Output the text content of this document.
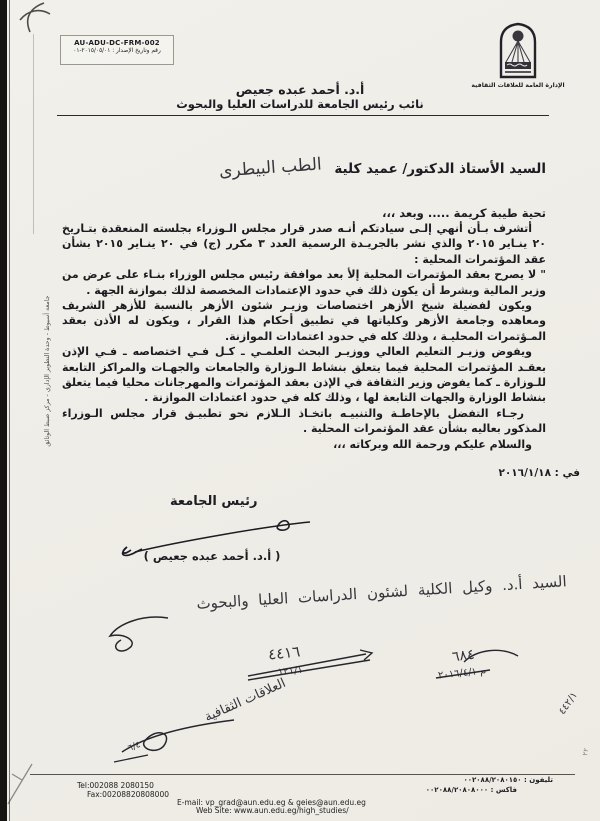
AU-ADU-DC-FRM-002
رقم وتاريخ الإصدار : ٢٠١٥/٠٥/٠١-٠١
الإدارة العامة للعلاقات الثقافية
أ.د. أحمد عبده جعيص
نائب رئيس الجامعة للدراسات العليا والبحوث
السيد الأستاذ الدكتور/ عميد كلية الطب البيطرى
تحية طيبة كريمة ..... وبعد ،،،

أتشرف بـأن أنهي إلـى سيادتكم أنـه صدر قرار مجلس الـوزراء بجلسته المنعقدة بتـاريخ ٢٠ ينـاير ٢٠١٥ والذي نشر بالجريـدة الرسمية العدد ٣ مكرر (ج) في ٢٠ ينـاير ٢٠١٥ بشأن عقد المؤتمرات المحلية :

" لا يصرح بعقد المؤتمرات المحلية إلأ بعد موافقة رئيس مجلس الوزراء بنـاء على عرض من وزير المالية وبشرط أن يكون ذلك في حدود الإعتمادات المخصصة لذلك بموازنة الجهة .

ويكون لفضيلة شيخ الأزهر اختصاصات وزيـر شئون الأزهر بالنسبة للأزهر الشريف ومعاهده وجامعة الأزهر وكلياتها في تطبيق أحكام هذا القرار ، ويكون له الأذن بعقد المـؤتمرات المحليـة ، وذلك كله في حدود اعتمادات الموازنة.

ويفوض وزيـر التعليم العالي ووزيـر البحث العلمـي ـ كـل فـي اختصاصه ـ فـي الإذن بعقـد المؤتمرات المحلية فيما يتعلق بنشاط الـوزارة والجامعات والجهـات والمراكز التابعة للـوزارة ـ كما يفوض وزير الثقافة في الإذن بعقد المؤتمرات والمهرجانات محليا فيما يتعلق بنشاط الوزارة والجهات التابعة لها ، وذلك كله في حدود اعتمادات الموازنة .

رجـاء التفضل بالإحاطـة والتنبيـه باتخـاذ الـلازم نحو تطبيـق قرار مجلس الـوزراء المذكور بعاليه بشأن عقد المؤتمرات المحلية .

والسلام عليكم ورحمة الله وبركاته ،،،

في : ٢٠١٦/١/١٨
رئيس الجامعة
( أ.د. أحمد عبده جعيص )
السيد أ.د. وكيل الكلية لشئون الدراسات العليا والبحوث
٤٤١٦
١٢١/١
٦٨٤
م ٢٠١٦/٤/١
العلاقات الثقافية
٦/٤
٤٤٢/١
٢٢
جامعة أسيوط - وحدة التطوير الإداري - مركز ضبط الوثائق
تليفون : ٠٠٢٠٨٨/٢٠٨٠١٥٠
فاكس : ٠٠٢٠٨٨/٢٠٨٠٨٠٠٠
Tel:002088 2080150
Fax:00208820808000
E-mail: vp_grad@aun.edu.eg & geies@aun.edu.eg
Web Site: www.aun.edu.eg/high_studies/
